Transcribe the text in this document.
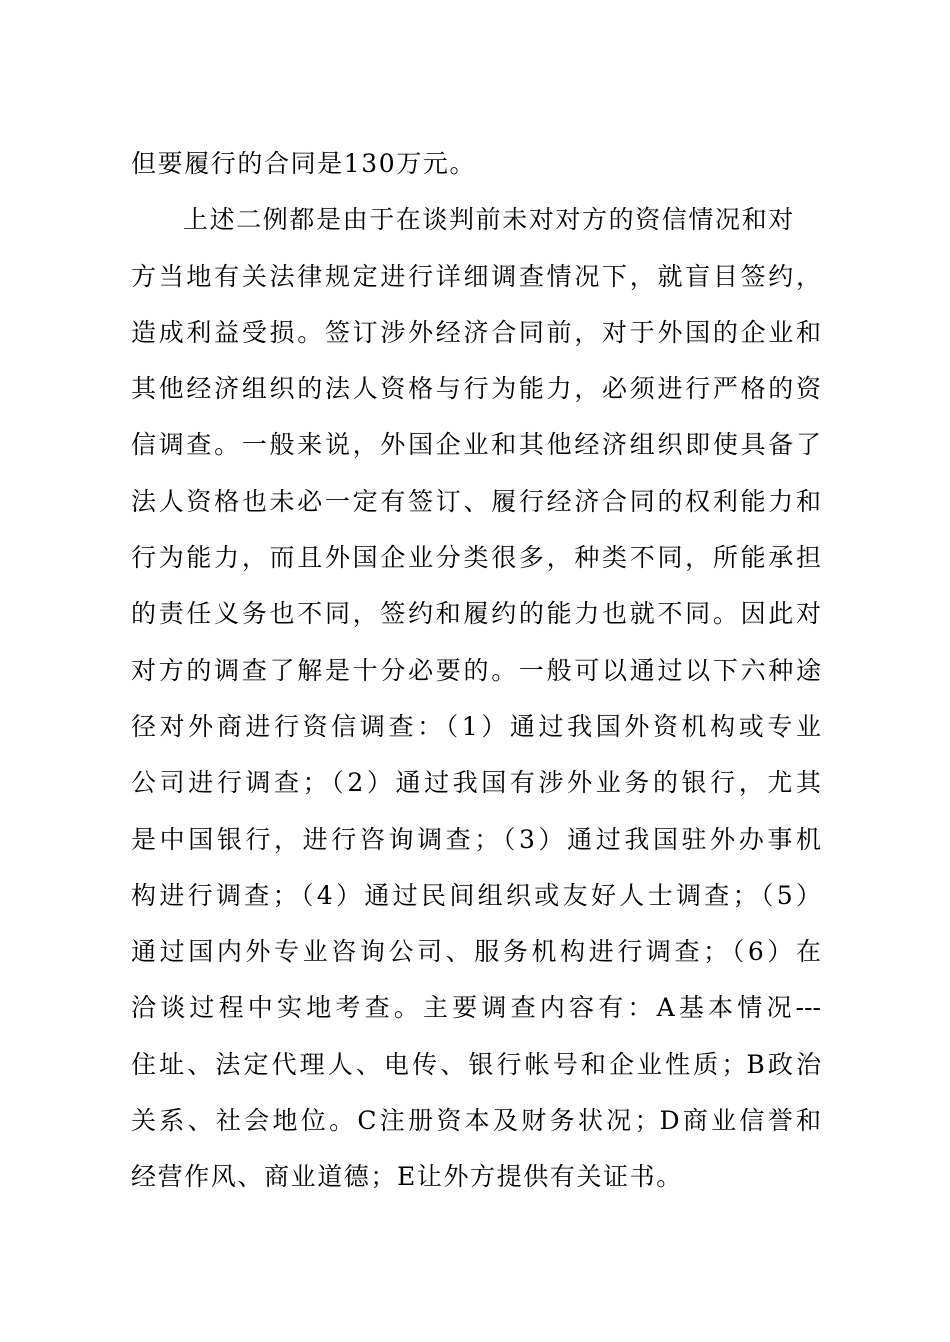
但要履行的合同是130万元。
上述二例都是由于在谈判前未对对方的资信情况和对
方当地有关法律规定进行详细调查情况下，就盲目签约，
造成利益受损。签订涉外经济合同前，对于外国的企业和
其他经济组织的法人资格与行为能力，必须进行严格的资
信调查。一般来说，外国企业和其他经济组织即使具备了
法人资格也未必一定有签订、履行经济合同的权利能力和
行为能力，而且外国企业分类很多，种类不同，所能承担
的责任义务也不同，签约和履约的能力也就不同。因此对
对方的调查了解是十分必要的。一般可以通过以下六种途
径对外商进行资信调查：（1）通过我国外资机构或专业
公司进行调查；（2）通过我国有涉外业务的银行，尤其
是中国银行，进行咨询调查；（3）通过我国驻外办事机
构进行调查；（4）通过民间组织或友好人士调查；（5）
通过国内外专业咨询公司、服务机构进行调查；（6）在
洽谈过程中实地考查。主要调查内容有：A基本情况---
住址、法定代理人、电传、银行帐号和企业性质；B政治
关系、社会地位。C注册资本及财务状况；D商业信誉和
经营作风、商业道德；E让外方提供有关证书。
